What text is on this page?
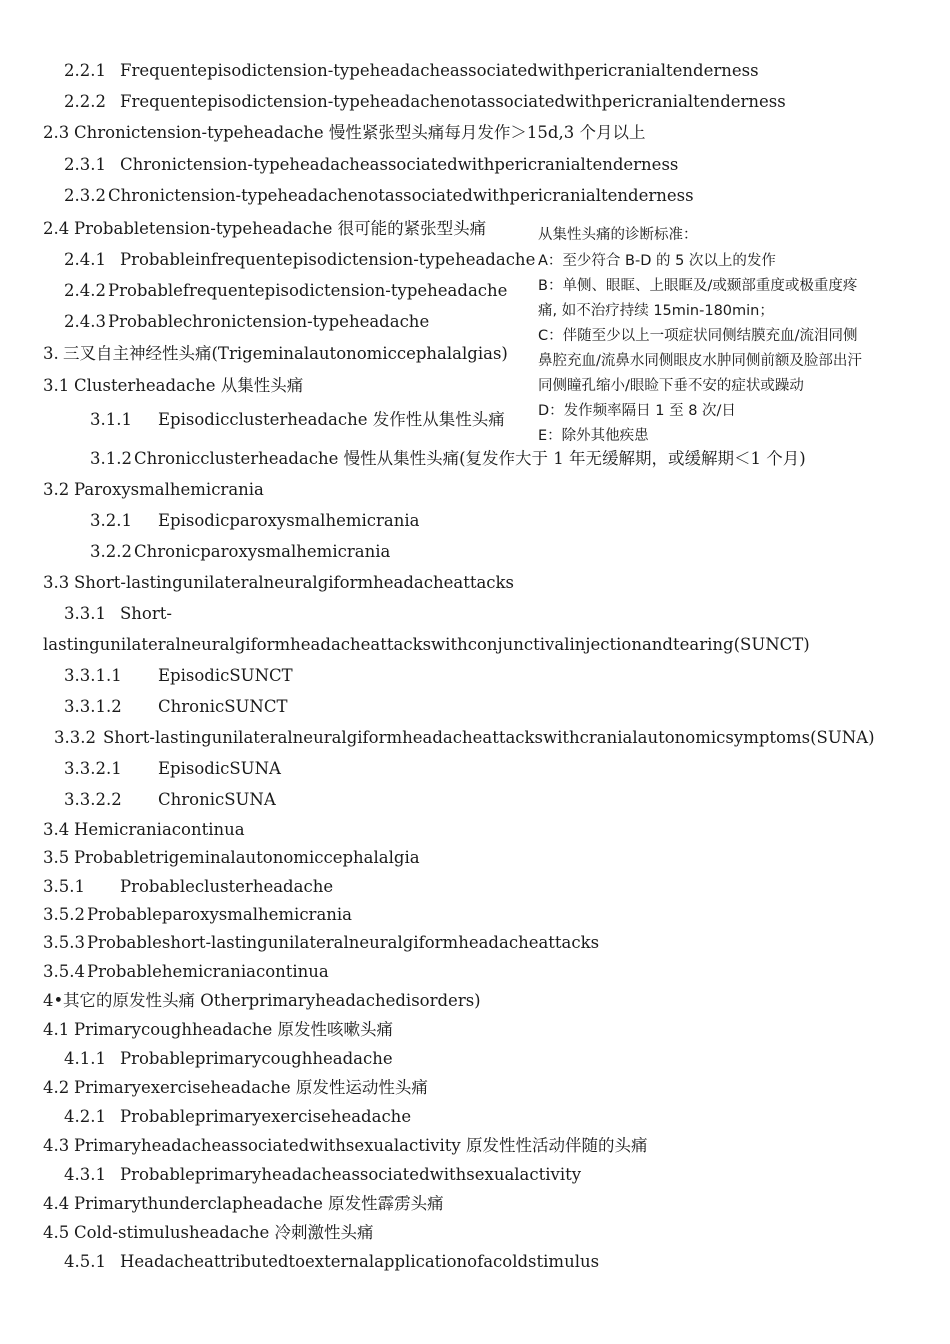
2.2.1 Frequentepisodictension-typeheadacheassociatedwithpericranialtenderness
2.2.2 Frequentepisodictension-typeheadachenotassociatedwithpericranialtenderness
2.3 Chronictension-typeheadache 慢性紧张型头痛每月发作＞15d,3 个月以上
2.3.1 Chronictension-typeheadacheassociatedwithpericranialtenderness
2.3.2 Chronictension-typeheadachenotassociatedwithpericranialtenderness
2.4 Probabletension-typeheadache 很可能的紧张型头痛
2.4.1 Probableinfrequentepisodictension-typeheadache
2.4.2 Probablefrequentepisodictension-typeheadache
2.4.3 Probablechronictension-typeheadache
3. 三叉自主神经性头痛(Trigeminalautonomiccephalalgias)
3.1 Clusterheadache 从集性头痛
3.1.1 Episodicclusterheadache 发作性从集性头痛
3.1.2 Chronicclusterheadache 慢性从集性头痛(复发作大于 1 年无缓解期，或缓解期＜1 个月)
3.2 Paroxysmalhemicrania
3.2.1 Episodicparoxysmalhemicrania
3.2.2 Chronicparoxysmalhemicrania
3.3 Short-lastingunilateralneuralgiformheadacheattacks
3.3.1 Short-
lastingunilateralneuralgiformheadacheattackswithconjunctivalinjectionandtearing(SUNCT)
3.3.1.1 EpisodicSUNCT
3.3.1.2 ChronicSUNCT
3.3.2 Short-lastingunilateralneuralgiformheadacheattackswithcranialautonomicsymptoms(SUNA)
3.3.2.1 EpisodicSUNA
3.3.2.2 ChronicSUNA
3.4 Hemicraniacontinua
3.5 Probabletrigeminalautonomiccephalalgia
3.5.1 Probableclusterheadache
3.5.2 Probableparoxysmalhemicrania
3.5.3 Probableshort-lastingunilateralneuralgiformheadacheattacks
3.5.4 Probablehemicraniacontinua
4•其它的原发性头痛 Otherprimaryheadachedisorders)
4.1 Primarycoughheadache 原发性咳嗽头痛
4.1.1 Probableprimarycoughheadache
4.2 Primaryexerciseheadache 原发性运动性头痛
4.2.1 Probableprimaryexerciseheadache
4.3 Primaryheadacheassociatedwithsexualactivity 原发性性活动伴随的头痛
4.3.1 Probableprimaryheadacheassociatedwithsexualactivity
4.4 Primarythunderclapheadache 原发性霹雳头痛
4.5 Cold-stimulusheadache 冷刺激性头痛
4.5.1 Headacheattributedtoexternalapplicationofacoldstimulus
从集性头痛的诊断标准：
A：至少符合 B-D 的 5 次以上的发作
B：单侧、眼眶、上眼眶及/或颞部重度或极重度疼
痛, 如不治疗持续 15min-180min；
C：伴随至少以上一项症状同侧结膜充血/流泪同侧
鼻腔充血/流鼻水同侧眼皮水肿同侧前额及脸部出汗
同侧瞳孔缩小/眼睑下垂不安的症状或躁动
D：发作频率隔日 1 至 8 次/日
E：除外其他疾患
